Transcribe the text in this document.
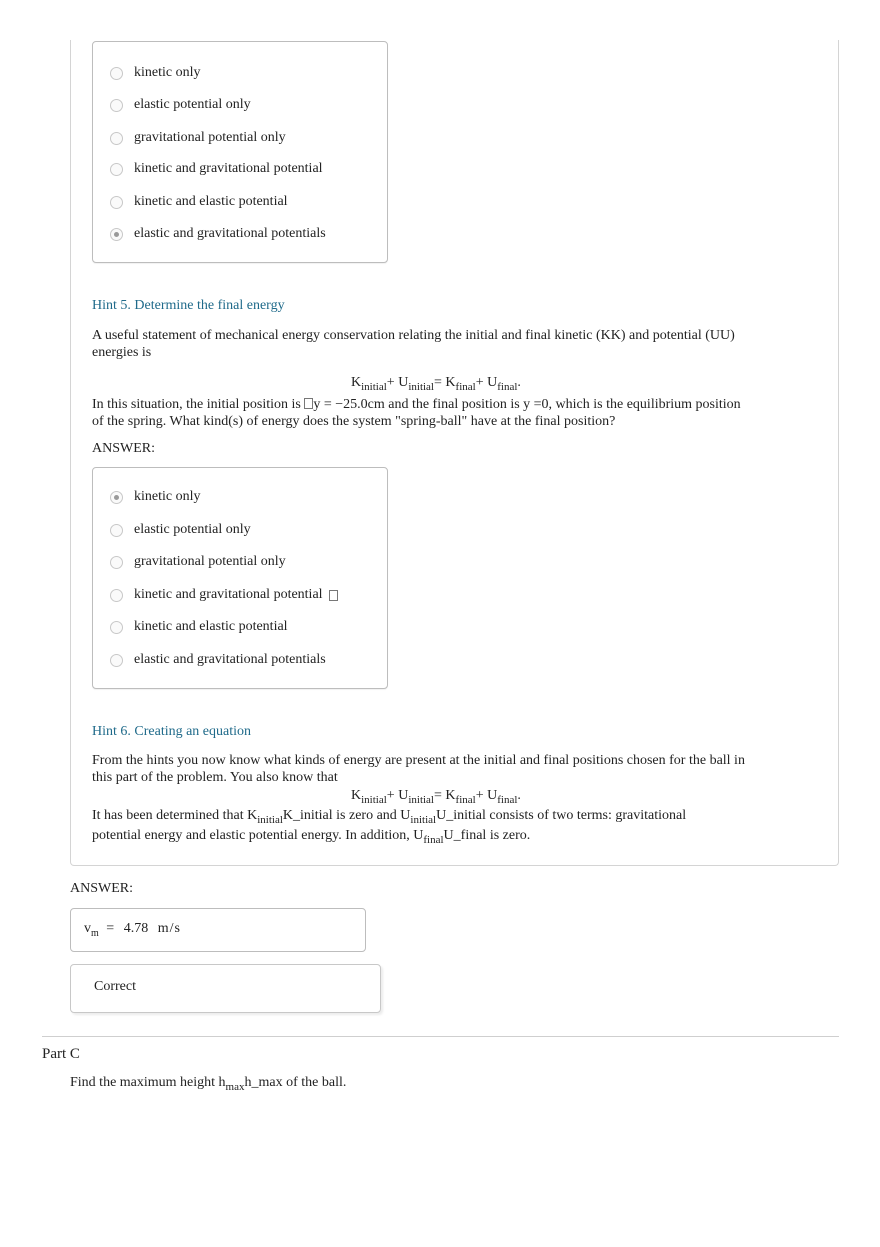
kinetic only
elastic potential only
gravitational potential only
kinetic and gravitational potential
kinetic and elastic potential
elastic and gravitational potentials
Hint 5. Determine the final energy
A useful statement of mechanical energy conservation relating the initial and final kinetic (KK) and potential (UU) energies is
$K_{initial}+ U_{initial}= K_{final}+ U_{final}$.
In this situation, the initial position is y = −25.0cm and the final position is y =0, which is the equilibrium position
of the spring. What kind(s) of energy does the system "spring-ball" have at the final position?
ANSWER:
kinetic only
elastic potential only
gravitational potential only
kinetic and gravitational potential
kinetic and elastic potential
elastic and gravitational potentials
Hint 6. Creating an equation
From the hints you now know what kinds of energy are present at the initial and final positions chosen for the ball in this part of the problem. You also know that
$K_{initial}+ U_{initial}= K_{final}+ U_{final}$.
It has been determined that $K_{initial}K\_initial$ is zero and $U_{initial}U\_initial$ consists of two terms: gravitational
potential energy and elastic potential energy. In addition, $U_{final}U\_final$ is zero.
ANSWER:
$v_m = 4.78$ m/s
Correct
Part C
Find the maximum height $h_{max}h\_\max$ of the ball.
